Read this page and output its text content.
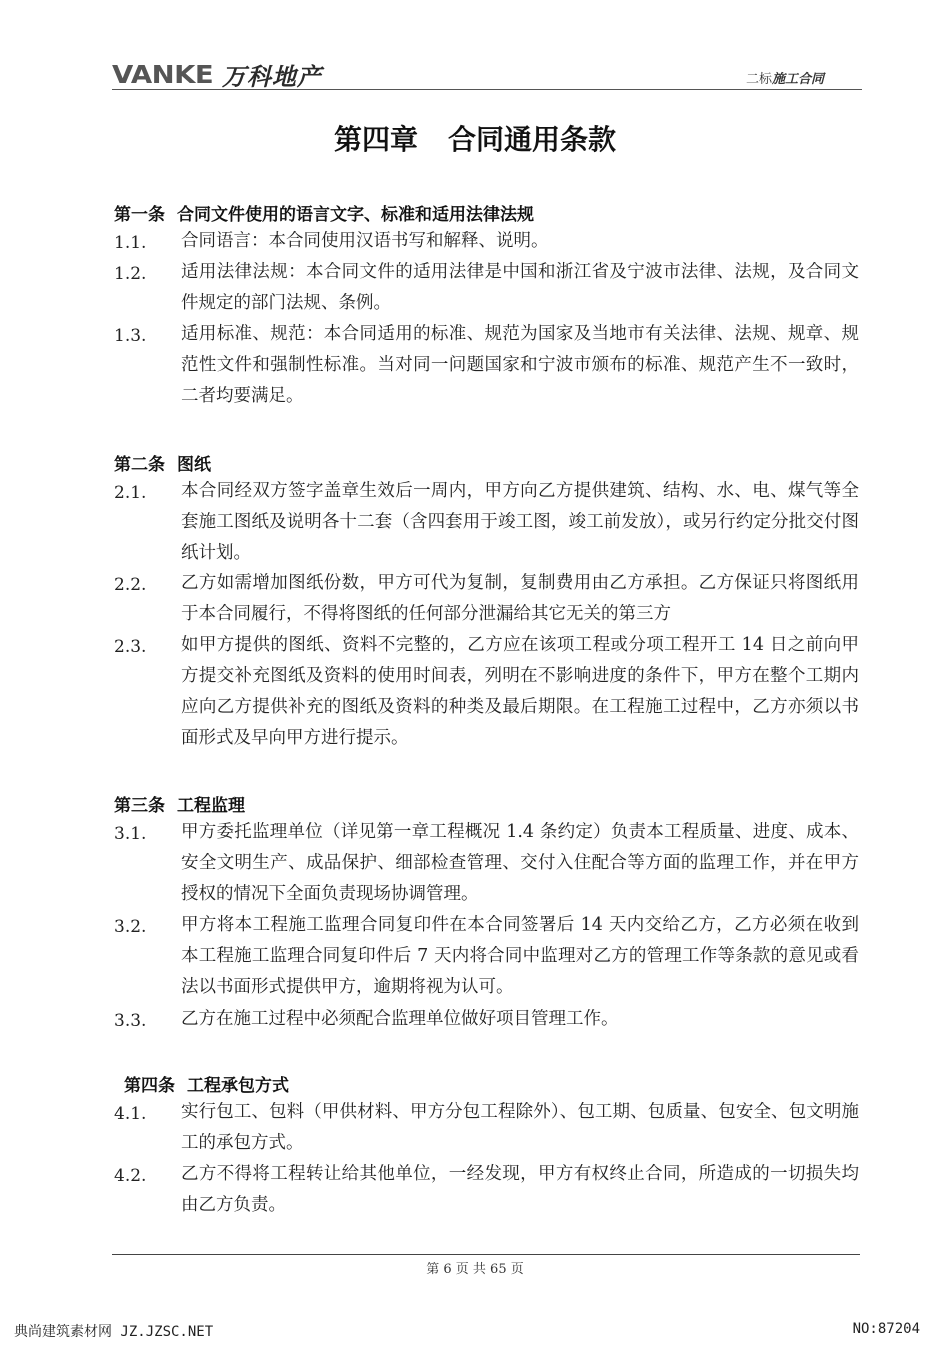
VANKE 万科地产	二标施工合同
第四章 合同通用条款
第一条 合同文件使用的语言文字、标准和适用法律法规
1.1. 合同语言：本合同使用汉语书写和解释、说明。
1.2. 适用法律法规：本合同文件的适用法律是中国和浙江省及宁波市法律、法规，及合同文件规定的部门法规、条例。
1.3. 适用标准、规范：本合同适用的标准、规范为国家及当地市有关法律、法规、规章、规范性文件和强制性标准。当对同一问题国家和宁波市颁布的标准、规范产生不一致时，二者均要满足。
第二条 图纸
2.1. 本合同经双方签字盖章生效后一周内，甲方向乙方提供建筑、结构、水、电、煤气等全套施工图纸及说明各十二套（含四套用于竣工图，竣工前发放），或另行约定分批交付图纸计划。
2.2. 乙方如需增加图纸份数，甲方可代为复制，复制费用由乙方承担。乙方保证只将图纸用于本合同履行，不得将图纸的任何部分泄漏给其它无关的第三方
2.3. 如甲方提供的图纸、资料不完整的，乙方应在该项工程或分项工程开工 14 日之前向甲方提交补充图纸及资料的使用时间表，列明在不影响进度的条件下，甲方在整个工期内应向乙方提供补充的图纸及资料的种类及最后期限。在工程施工过程中，乙方亦须以书面形式及早向甲方进行提示。
第三条 工程监理
3.1. 甲方委托监理单位（详见第一章工程概况 1.4 条约定）负责本工程质量、进度、成本、安全文明生产、成品保护、细部检查管理、交付入住配合等方面的监理工作，并在甲方授权的情况下全面负责现场协调管理。
3.2. 甲方将本工程施工监理合同复印件在本合同签署后 14 天内交给乙方，乙方必须在收到本工程施工监理合同复印件后 7 天内将合同中监理对乙方的管理工作等条款的意见或看法以书面形式提供甲方，逾期将视为认可。
3.3. 乙方在施工过程中必须配合监理单位做好项目管理工作。
第四条 工程承包方式
4.1. 实行包工、包料（甲供材料、甲方分包工程除外）、包工期、包质量、包安全、包文明施工的承包方式。
4.2. 乙方不得将工程转让给其他单位，一经发现，甲方有权终止合同，所造成的一切损失均由乙方负责。
第 6 页 共 65 页
典尚建筑素材网 JZ.JZSC.NET	NO:87204
